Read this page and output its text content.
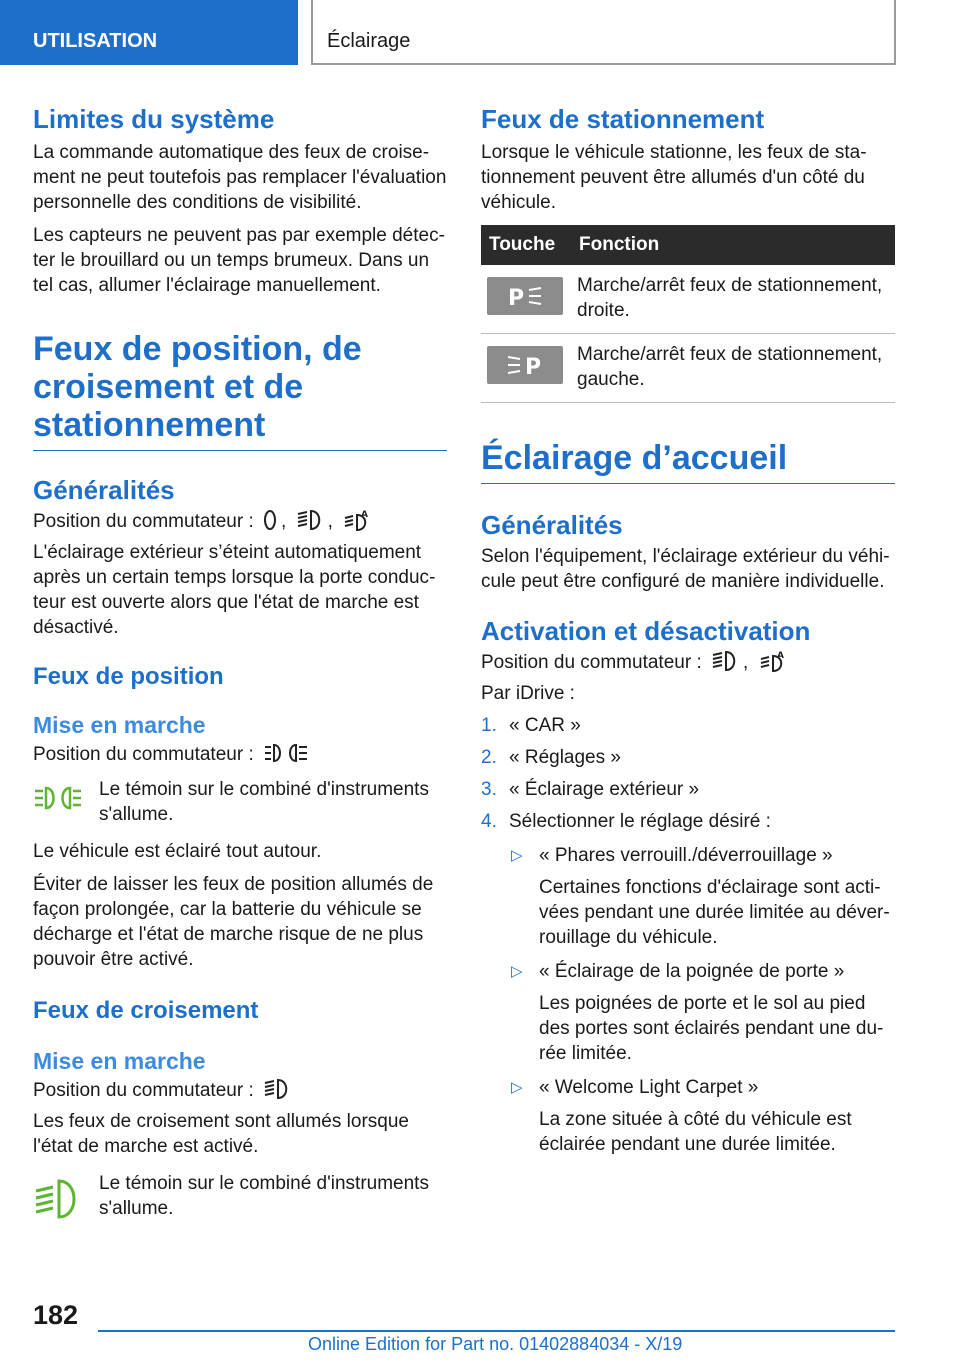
UTILISATION	Éclairage
Limites du système

La commande automatique des feux de croisement ne peut toutefois pas remplacer l'évaluation personnelle des conditions de visibilité.

Les capteurs ne peuvent pas par exemple détecter le brouillard ou un temps brumeux. Dans un tel cas, allumer l'éclairage manuellement.

Feux de position, de croisement et de stationnement
Généralités

Position du commutateur : , ,	A

L'éclairage extérieur s’éteint automatiquement après un certain temps lorsque la porte conducteur est ouverte alors que l'état de marche est désactivé.

Feux de position
Mise en marche

Position du commutateur :

Le témoin sur le combiné d'instruments s'allume.

Le véhicule est éclairé tout autour.

Éviter de laisser les feux de position allumés de façon prolongée, car la batterie du véhicule se décharge et l'état de marche risque de ne plus pouvoir être activé.

Feux de croisement
Mise en marche

Position du commutateur :

Les feux de croisement sont allumés lorsque l'état de marche est activé.

Le témoin sur le combiné d'instruments s'allume.

Feux de stationnement

Lorsque le véhicule stationne, les feux de stationnement peuvent être allumés d'un côté du véhicule.

Touche	Fonction

P	Marche/arrêt feux de stationnement, droite.

P	Marche/arrêt feux de stationnement, gauche.
Éclairage d’accueil
Généralités

Selon l'équipement, l'éclairage extérieur du véhicule peut être configuré de manière individuelle.

Activation et désactivation

Position du commutateur : ,	A

Par iDrive :

1. « CAR »
2. « Réglages »
3. « Éclairage extérieur »
4. Sélectionner le réglage désiré :
▷ « Phares verrouill./déverrouillage »
Certaines fonctions d'éclairage sont activées pendant une durée limitée au déverrouillage du véhicule.
▷ « Éclairage de la poignée de porte »
Les poignées de porte et le sol au pied des portes sont éclairés pendant une durée limitée.
▷ « Welcome Light Carpet »
La zone située à côté du véhicule est éclairée pendant une durée limitée.
182
Online Edition for Part no. 01402884034 - X/19
